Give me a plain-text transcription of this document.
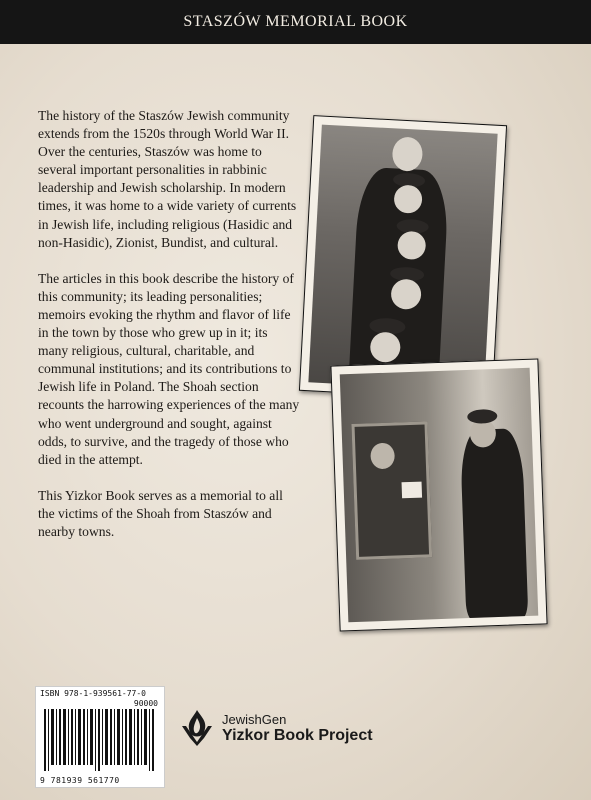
STASZÓW MEMORIAL BOOK

The history of the Staszów Jewish community extends from the 1520s through World War II. Over the centuries, Staszów was home to several important personalities in rabbinic leadership and Jewish scholarship. In modern times, it was home to a wide variety of currents in Jewish life, including religious (Hasidic and non-Hasidic), Zionist, Bundist, and cultural.

The articles in this book describe the history of this community; its leading personalities; memoirs evoking the rhythm and flavor of life in the town by those who grew up in it; its many religious, cultural, charitable, and communal institutions; and its contributions to Jewish life in Poland. The Shoah section recounts the harrowing experiences of the many who went underground and sought, against odds, to survive, and the tragedy of those who died in the attempt.

This Yizkor Book serves as a memorial to all the victims of the Shoah from Staszów and nearby towns.

ISBN 978-1-939561-77-0
90000
9 781939 561770
JewishGen
Yizkor Book Project
